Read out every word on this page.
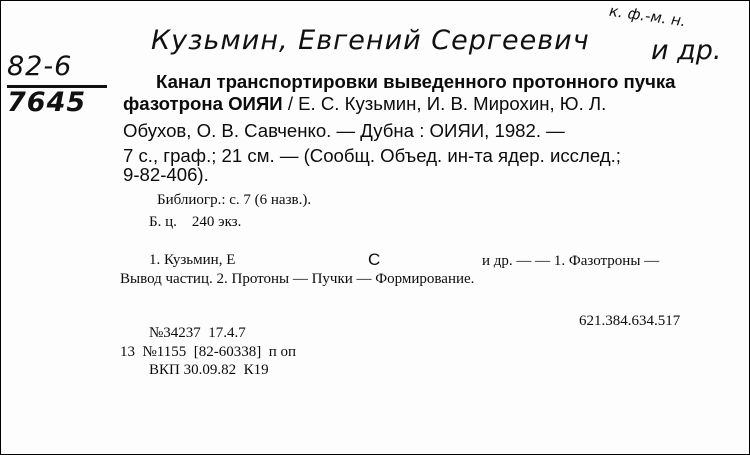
82-6
7645
Кузьмин, Евгений Сергеевич
к. ф.-м. н.
и др.
Канал транспортировки выведенного протонного пучка
фазотрона ОИЯИ / Е. С. Кузьмин, И. В. Мирохин, Ю. Л.
Обухов, О. В. Савченко. — Дубна : ОИЯИ, 1982. —
7 с., граф.; 21 см. — (Сообщ. Объед. ин-та ядер. исслед.;
9-82-406).
Библиогр.: с. 7 (6 назв.).
Б. ц.    240 экз.
1. Кузьмин, Е	С	и др. — — 1. Фазотроны —
Вывод частиц. 2. Протоны — Пучки — Формирование.
621.384.634.517
№34237  17.4.7
13  №1155  [82-60338]  п оп
ВКП 30.09.82  К19
